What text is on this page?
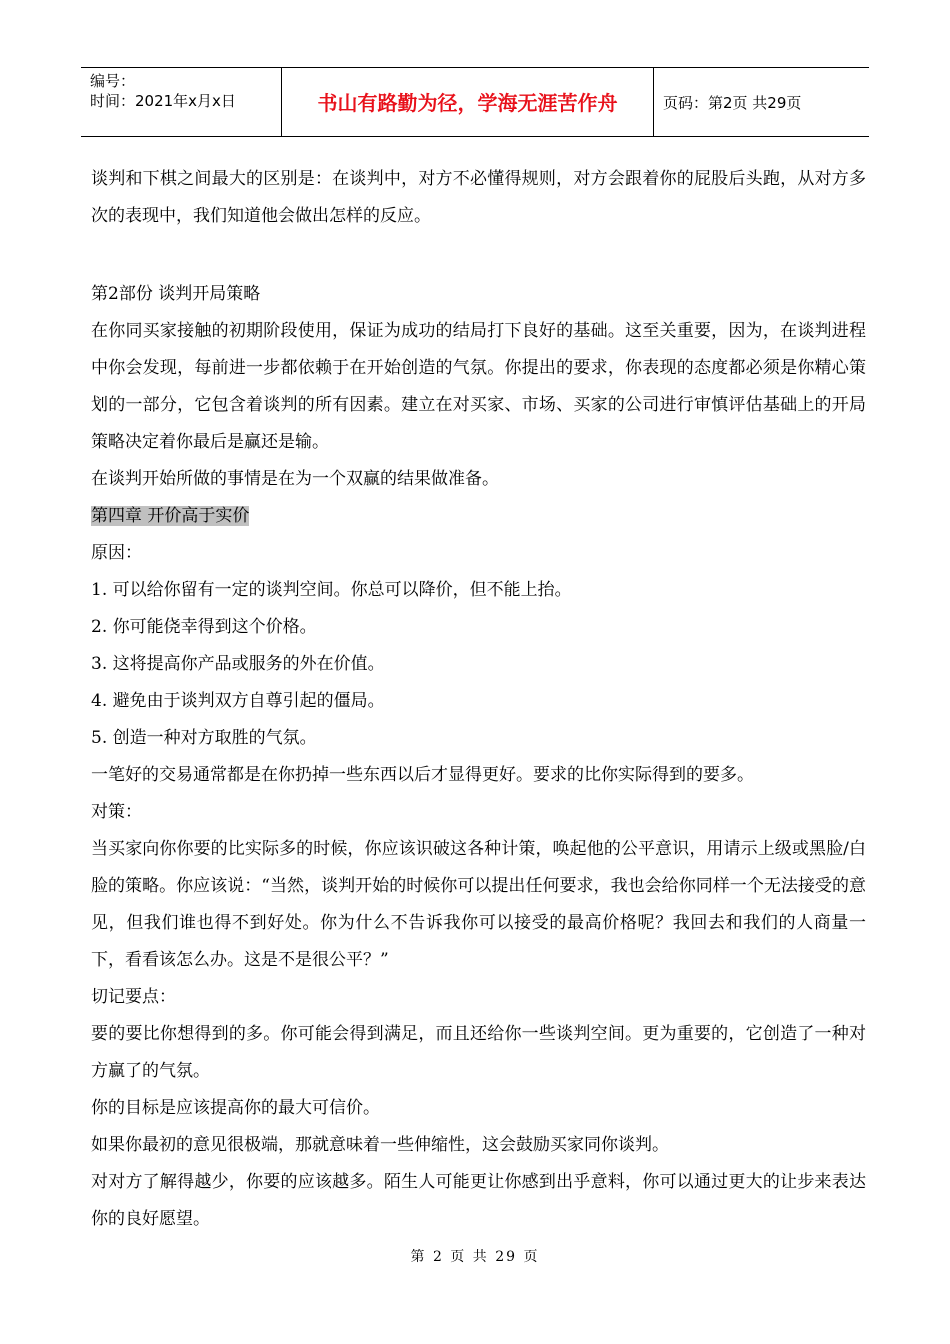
编号：
时间：2021年x月x日	书山有路勤为径，学海无涯苦作舟	页码：第2页 共29页

谈判和下棋之间最大的区别是：在谈判中，对方不必懂得规则，对方会跟着你的屁股后头跑，从对方多次的表现中，我们知道他会做出怎样的反应。

第2部份 谈判开局策略

在你同买家接触的初期阶段使用，保证为成功的结局打下良好的基础。这至关重要，因为，在谈判进程中你会发现，每前进一步都依赖于在开始创造的气氛。你提出的要求，你表现的态度都必须是你精心策划的一部分，它包含着谈判的所有因素。建立在对买家、市场、买家的公司进行审慎评估基础上的开局策略决定着你最后是赢还是输。

在谈判开始所做的事情是在为一个双赢的结果做准备。

第四章 开价高于实价

原因：

1. 可以给你留有一定的谈判空间。你总可以降价，但不能上抬。

2. 你可能侥幸得到这个价格。

3. 这将提高你产品或服务的外在价值。

4. 避免由于谈判双方自尊引起的僵局。

5. 创造一种对方取胜的气氛。

一笔好的交易通常都是在你扔掉一些东西以后才显得更好。要求的比你实际得到的要多。

对策：

当买家向你你要的比实际多的时候，你应该识破这各种计策，唤起他的公平意识，用请示上级或黑脸/白脸的策略。你应该说：“当然，谈判开始的时候你可以提出任何要求，我也会给你同样一个无法接受的意见，但我们谁也得不到好处。你为什么不告诉我你可以接受的最高价格呢？我回去和我们的人商量一下，看看该怎么办。这是不是很公平？”

切记要点：

要的要比你想得到的多。你可能会得到满足，而且还给你一些谈判空间。更为重要的，它创造了一种对方赢了的气氛。

你的目标是应该提高你的最大可信价。

如果你最初的意见很极端，那就意味着一些伸缩性，这会鼓励买家同你谈判。

对对方了解得越少，你要的应该越多。陌生人可能更让你感到出乎意料，你可以通过更大的让步来表达你的良好愿望。

第 2 页 共 29 页
